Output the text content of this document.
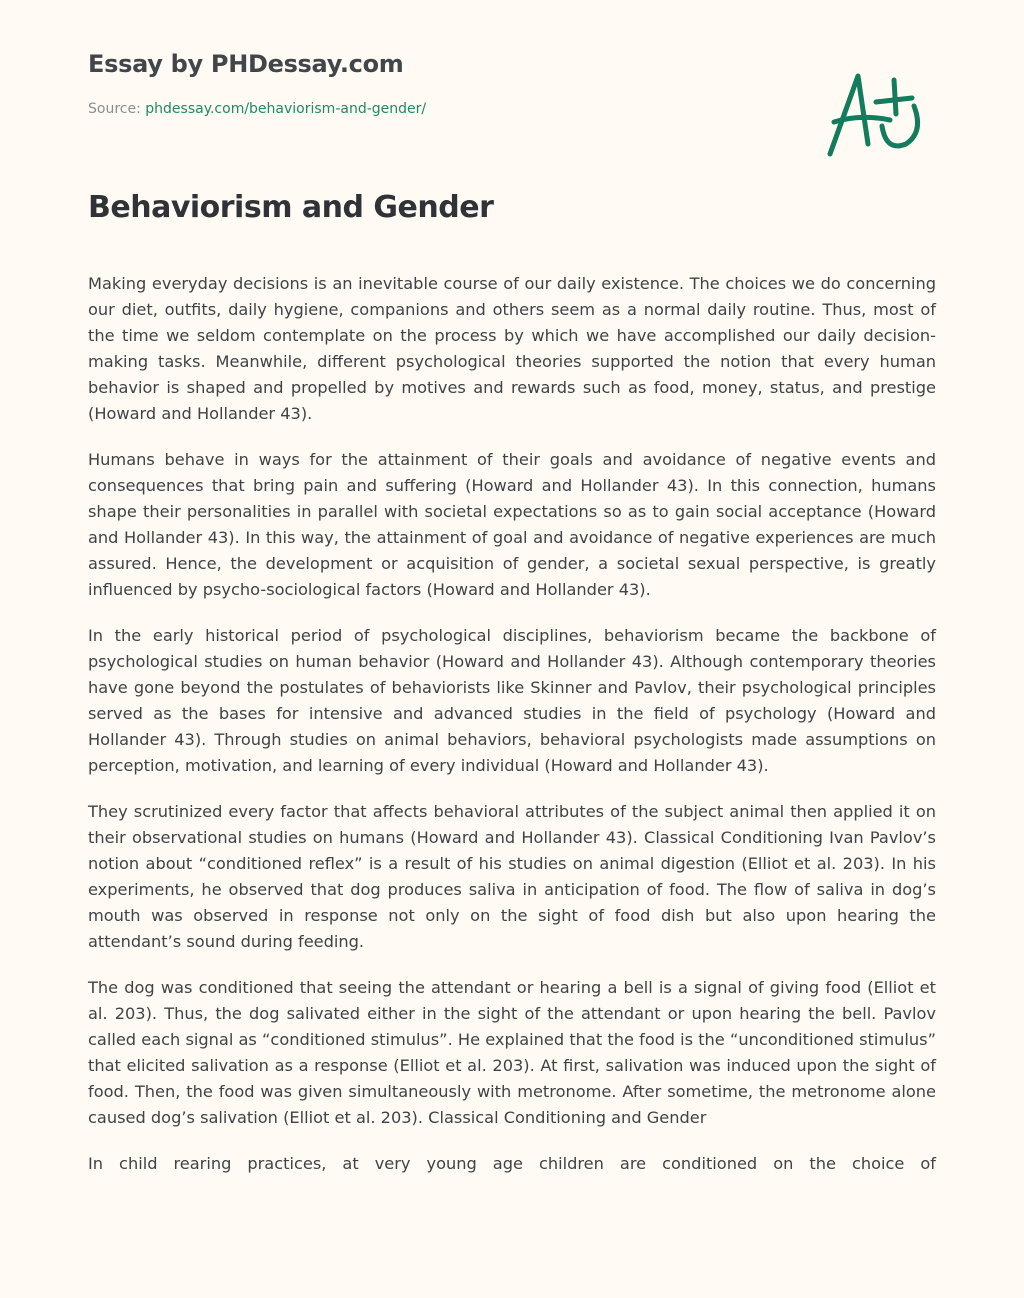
Essay by PHDessay.com
Source: phdessay.com/behaviorism-and-gender/
Behaviorism and Gender

Making everyday decisions is an inevitable course of our daily existence. The choices we do concerning our diet, outfits, daily hygiene, companions and others seem as a normal daily routine. Thus, most of the time we seldom contemplate on the process by which we have accomplished our daily decision-making tasks. Meanwhile, different psychological theories supported the notion that every human behavior is shaped and propelled by motives and rewards such as food, money, status, and prestige (Howard and Hollander 43).

Humans behave in ways for the attainment of their goals and avoidance of negative events and consequences that bring pain and suffering (Howard and Hollander 43). In this connection, humans shape their personalities in parallel with societal expectations so as to gain social acceptance (Howard and Hollander 43). In this way, the attainment of goal and avoidance of negative experiences are much assured. Hence, the development or acquisition of gender, a societal sexual perspective, is greatly influenced by psycho-sociological factors (Howard and Hollander 43).

In the early historical period of psychological disciplines, behaviorism became the backbone of psychological studies on human behavior (Howard and Hollander 43). Although contemporary theories have gone beyond the postulates of behaviorists like Skinner and Pavlov, their psychological principles served as the bases for intensive and advanced studies in the field of psychology (Howard and Hollander 43). Through studies on animal behaviors, behavioral psychologists made assumptions on perception, motivation, and learning of every individual (Howard and Hollander 43).

They scrutinized every factor that affects behavioral attributes of the subject animal then applied it on their observational studies on humans (Howard and Hollander 43). Classical Conditioning Ivan Pavlov’s notion about “conditioned reflex” is a result of his studies on animal digestion (Elliot et al. 203). In his experiments, he observed that dog produces saliva in anticipation of food. The flow of saliva in dog’s mouth was observed in response not only on the sight of food dish but also upon hearing the attendant’s sound during feeding.

The dog was conditioned that seeing the attendant or hearing a bell is a signal of giving food (Elliot et al. 203). Thus, the dog salivated either in the sight of the attendant or upon hearing the bell. Pavlov called each signal as “conditioned stimulus”. He explained that the food is the “unconditioned stimulus” that elicited salivation as a response (Elliot et al. 203). At first, salivation was induced upon the sight of food. Then, the food was given simultaneously with metronome. After sometime, the metronome alone caused dog’s salivation (Elliot et al. 203). Classical Conditioning and Gender

In child rearing practices, at very young age children are conditioned on the choice of
